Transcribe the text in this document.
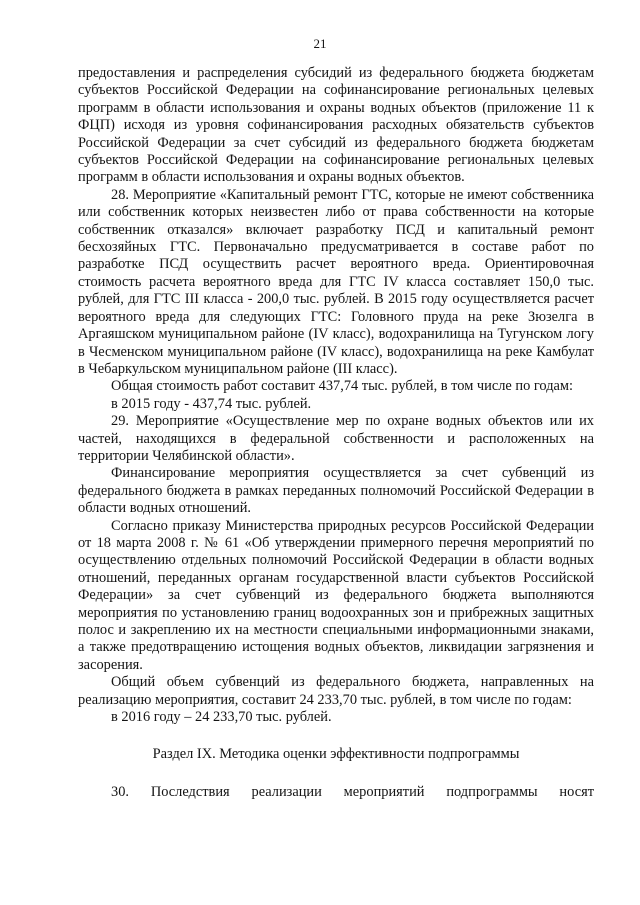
21

предоставления и распределения субсидий из федерального бюджета бюджетам субъектов Российской Федерации на софинансирование региональных целевых программ в области использования и охраны водных объектов (приложение 11 к ФЦП) исходя из уровня софинансирования расходных обязательств субъектов Российской Федерации за счет субсидий из федерального бюджета бюджетам субъектов Российской Федерации на софинансирование региональных целевых программ в области использования и охраны водных объектов.

28. Мероприятие «Капитальный ремонт ГТС, которые не имеют собственника или собственник которых неизвестен либо от права собственности на которые собственник отказался» включает разработку ПСД и капитальный ремонт бесхозяйных ГТС. Первоначально предусматривается в составе работ по разработке ПСД осуществить расчет вероятного вреда. Ориентировочная стоимость расчета вероятного вреда для ГТС IV класса составляет 150,0 тыс. рублей, для ГТС III класса - 200,0 тыс. рублей. В 2015 году осуществляется расчет вероятного вреда для следующих ГТС: Головного пруда на реке Зюзелга в Аргаяшском муниципальном районе (IV класс), водохранилища на Тугунском логу в Чесменском муниципальном районе (IV класс), водохранилища на реке Камбулат в Чебаркульском муниципальном районе (III класс).

Общая стоимость работ составит 437,74 тыс. рублей, в том числе по годам:

в 2015 году - 437,74 тыс. рублей.

29. Мероприятие «Осуществление мер по охране водных объектов или их частей, находящихся в федеральной собственности и расположенных на территории Челябинской области».

Финансирование мероприятия осуществляется за счет субвенций из федерального бюджета в рамках переданных полномочий Российской Федерации в области водных отношений.

Согласно приказу Министерства природных ресурсов Российской Федерации от 18 марта 2008 г. № 61 «Об утверждении примерного перечня мероприятий по осуществлению отдельных полномочий Российской Федерации в области водных отношений, переданных органам государственной власти субъектов Российской Федерации» за счет субвенций из федерального бюджета выполняются мероприятия по установлению границ водоохранных зон и прибрежных защитных полос и закреплению их на местности специальными информационными знаками, а также предотвращению истощения водных объектов, ликвидации загрязнения и засорения.

Общий объем субвенций из федерального бюджета, направленных на реализацию мероприятия, составит 24 233,70 тыс. рублей, в том числе по годам:

в 2016 году – 24 233,70 тыс. рублей.

Раздел IX. Методика оценки эффективности подпрограммы

30. Последствия реализации мероприятий подпрограммы носят
